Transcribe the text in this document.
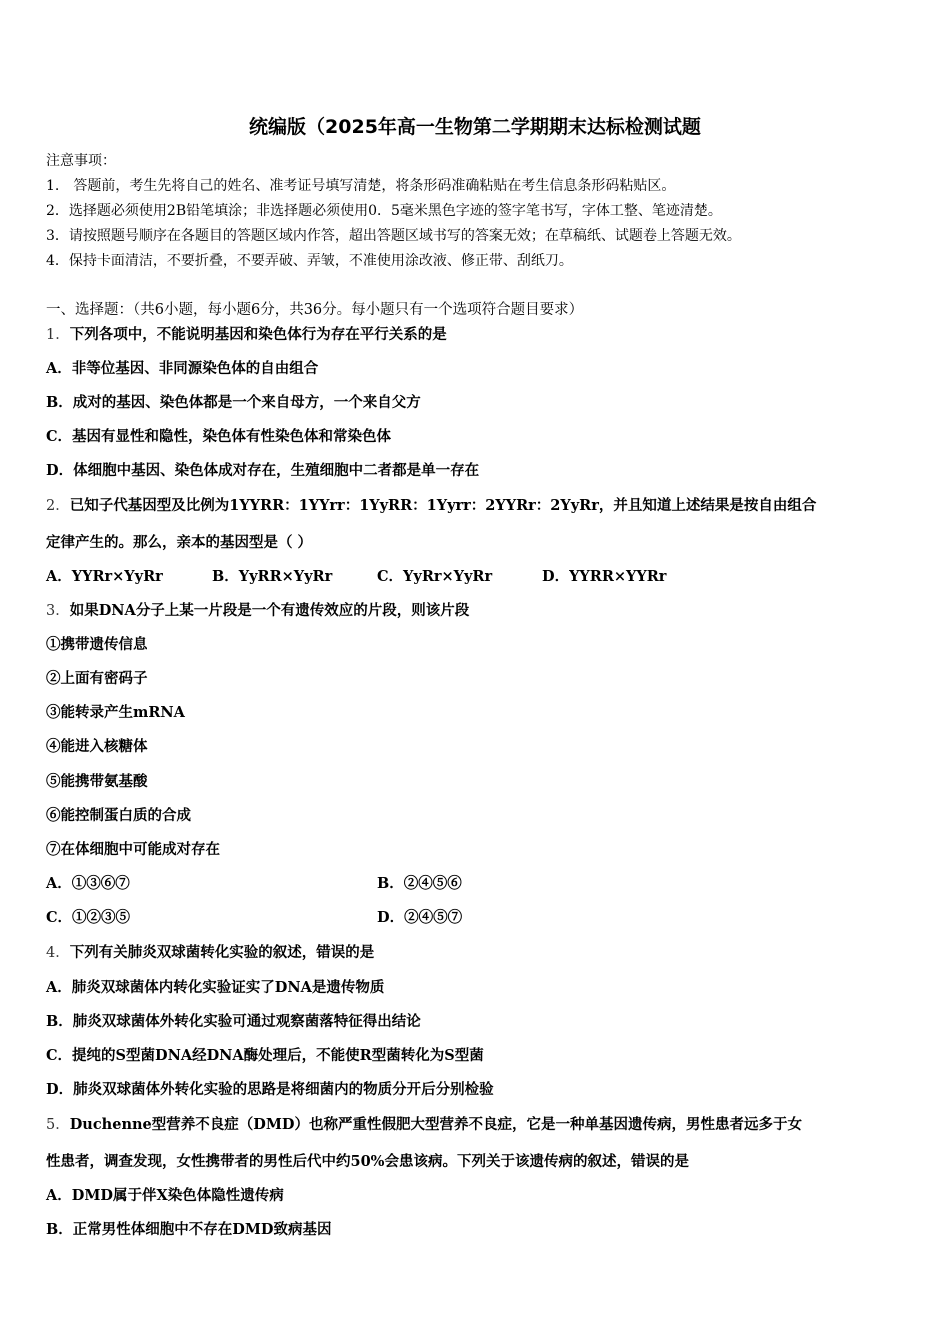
统编版（2025年高一生物第二学期期末达标检测试题
注意事项：
1.　答题前，考生先将自己的姓名、准考证号填写清楚，将条形码准确粘贴在考生信息条形码粘贴区。
2．选择题必须使用2B铅笔填涂；非选择题必须使用0．5毫米黑色字迹的签字笔书写，字体工整、笔迹清楚。
3．请按照题号顺序在各题目的答题区域内作答，超出答题区域书写的答案无效；在草稿纸、试题卷上答题无效。
4．保持卡面清洁，不要折叠，不要弄破、弄皱，不准使用涂改液、修正带、刮纸刀。
一、选择题：（共6小题，每小题6分，共36分。每小题只有一个选项符合题目要求）
1．下列各项中，不能说明基因和染色体行为存在平行关系的是
A．非等位基因、非同源染色体的自由组合
B．成对的基因、染色体都是一个来自母方，一个来自父方
C．基因有显性和隐性，染色体有性染色体和常染色体
D．体细胞中基因、染色体成对存在，生殖细胞中二者都是单一存在
2．已知子代基因型及比例为1YYRR：1YYrr：1YyRR：1Yyrr：2YYRr：2YyRr，并且知道上述结果是按自由组合
定律产生的。那么，亲本的基因型是（ ）
A．YYRr×YyRr	B．YyRR×YyRr	C．YyRr×YyRr	D．YYRR×YYRr
3．如果DNA分子上某一片段是一个有遗传效应的片段，则该片段
①携带遗传信息
②上面有密码子
③能转录产生mRNA
④能进入核糖体
⑤能携带氨基酸
⑥能控制蛋白质的合成
⑦在体细胞中可能成对存在
A．①③⑥⑦	B．②④⑤⑥
C．①②③⑤	D．②④⑤⑦
4．下列有关肺炎双球菌转化实验的叙述，错误的是
A．肺炎双球菌体内转化实验证实了DNA是遗传物质
B．肺炎双球菌体外转化实验可通过观察菌落特征得出结论
C．提纯的S型菌DNA经DNA酶处理后，不能使R型菌转化为S型菌
D．肺炎双球菌体外转化实验的思路是将细菌内的物质分开后分别检验
5．Duchenne型营养不良症（DMD）也称严重性假肥大型营养不良症，它是一种单基因遗传病，男性患者远多于女
性患者，调查发现，女性携带者的男性后代中约50%会患该病。下列关于该遗传病的叙述，错误的是
A．DMD属于伴X染色体隐性遗传病
B．正常男性体细胞中不存在DMD致病基因
